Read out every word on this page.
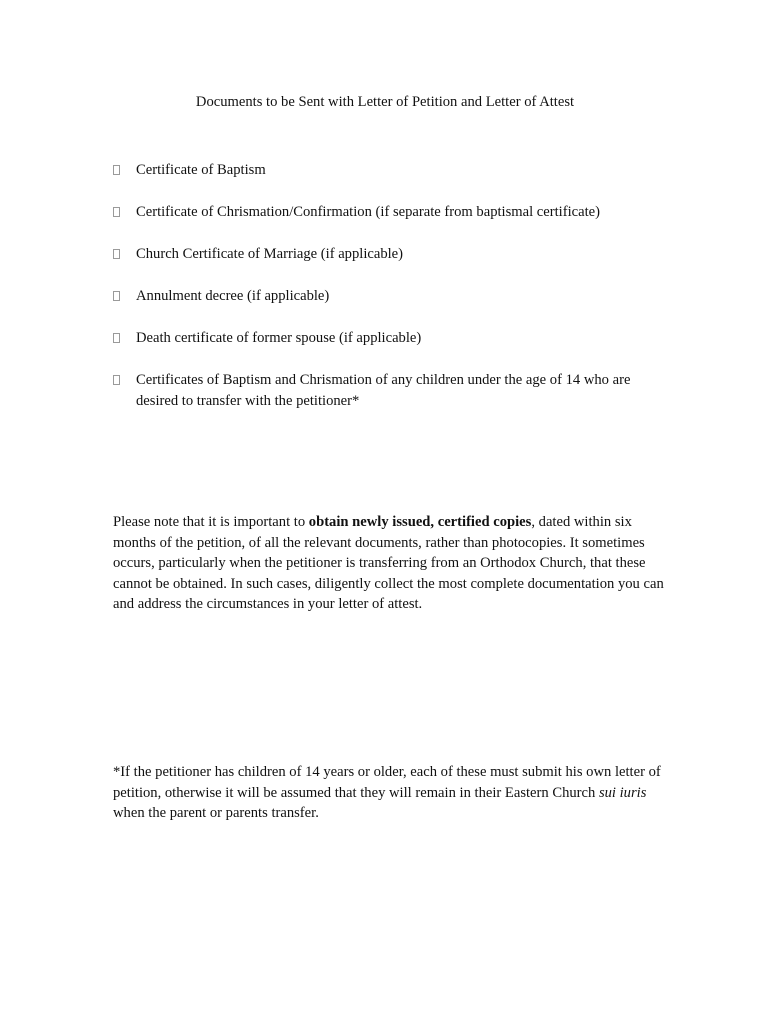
Documents to be Sent with Letter of Petition and Letter of Attest
Certificate of Baptism
Certificate of Chrismation/Confirmation (if separate from baptismal certificate)
Church Certificate of Marriage (if applicable)
Annulment decree (if applicable)
Death certificate of former spouse (if applicable)
Certificates of Baptism and Chrismation of any children under the age of 14 who are desired to transfer with the petitioner*

Please note that it is important to obtain newly issued, certified copies, dated within six months of the petition, of all the relevant documents, rather than photocopies. It sometimes occurs, particularly when the petitioner is transferring from an Orthodox Church, that these cannot be obtained. In such cases, diligently collect the most complete documentation you can and address the circumstances in your letter of attest.

*If the petitioner has children of 14 years or older, each of these must submit his own letter of petition, otherwise it will be assumed that they will remain in their Eastern Church sui iuris when the parent or parents transfer.
